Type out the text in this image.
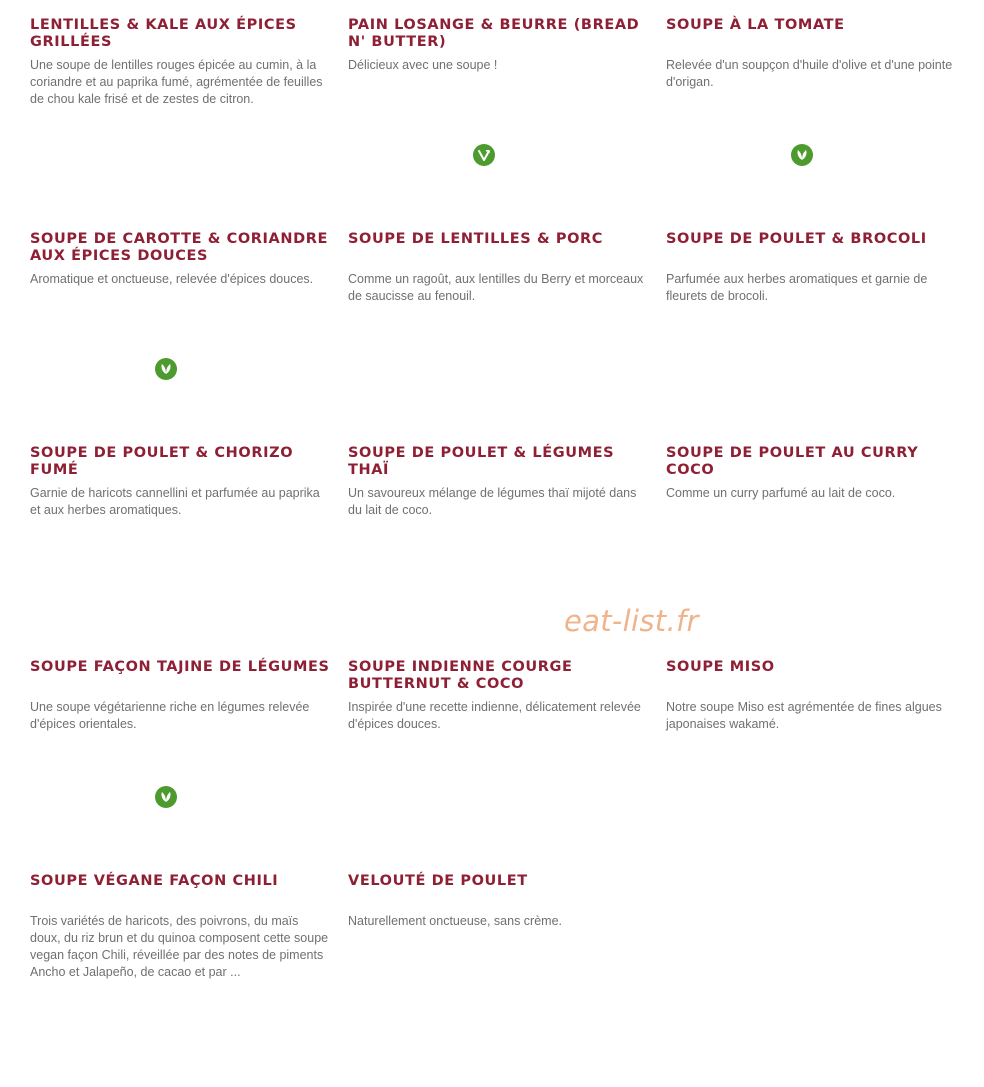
LENTILLES & KALE AUX ÉPICES GRILLÉES

Une soupe de lentilles rouges épicée au cumin, à la coriandre et au paprika fumé, agrémentée de feuilles de chou kale frisé et de zestes de citron.

PAIN LOSANGE & BEURRE (BREAD N' BUTTER)

Délicieux avec une soupe !

SOUPE À LA TOMATE

Relevée d'un soupçon d'huile d'olive et d'une pointe d'origan.

SOUPE DE CAROTTE & CORIANDRE AUX ÉPICES DOUCES

Aromatique et onctueuse, relevée d'épices douces.

SOUPE DE LENTILLES & PORC

Comme un ragoût, aux lentilles du Berry et morceaux de saucisse au fenouil.

SOUPE DE POULET & BROCOLI

Parfumée aux herbes aromatiques et garnie de fleurets de brocoli.

SOUPE DE POULET & CHORIZO FUMÉ

Garnie de haricots cannellini et parfumée au paprika et aux herbes aromatiques.

SOUPE DE POULET & LÉGUMES THAÏ

Un savoureux mélange de légumes thaï mijoté dans du lait de coco.

SOUPE DE POULET AU CURRY COCO

Comme un curry parfumé au lait de coco.

SOUPE FAÇON TAJINE DE LÉGUMES

Une soupe végétarienne riche en légumes relevée d'épices orientales.

SOUPE INDIENNE COURGE BUTTERNUT & COCO

Inspirée d'une recette indienne, délicatement relevée d'épices douces.

SOUPE MISO

Notre soupe Miso est agrémentée de fines algues japonaises wakamé.

SOUPE VÉGANE FAÇON CHILI

Trois variétés de haricots, des poivrons, du maïs doux, du riz brun et du quinoa composent cette soupe vegan façon Chili, réveillée par des notes de piments Ancho et Jalapeño, de cacao et par ...

VELOUTÉ DE POULET

Naturellement onctueuse, sans crème.

eat-list.fr
